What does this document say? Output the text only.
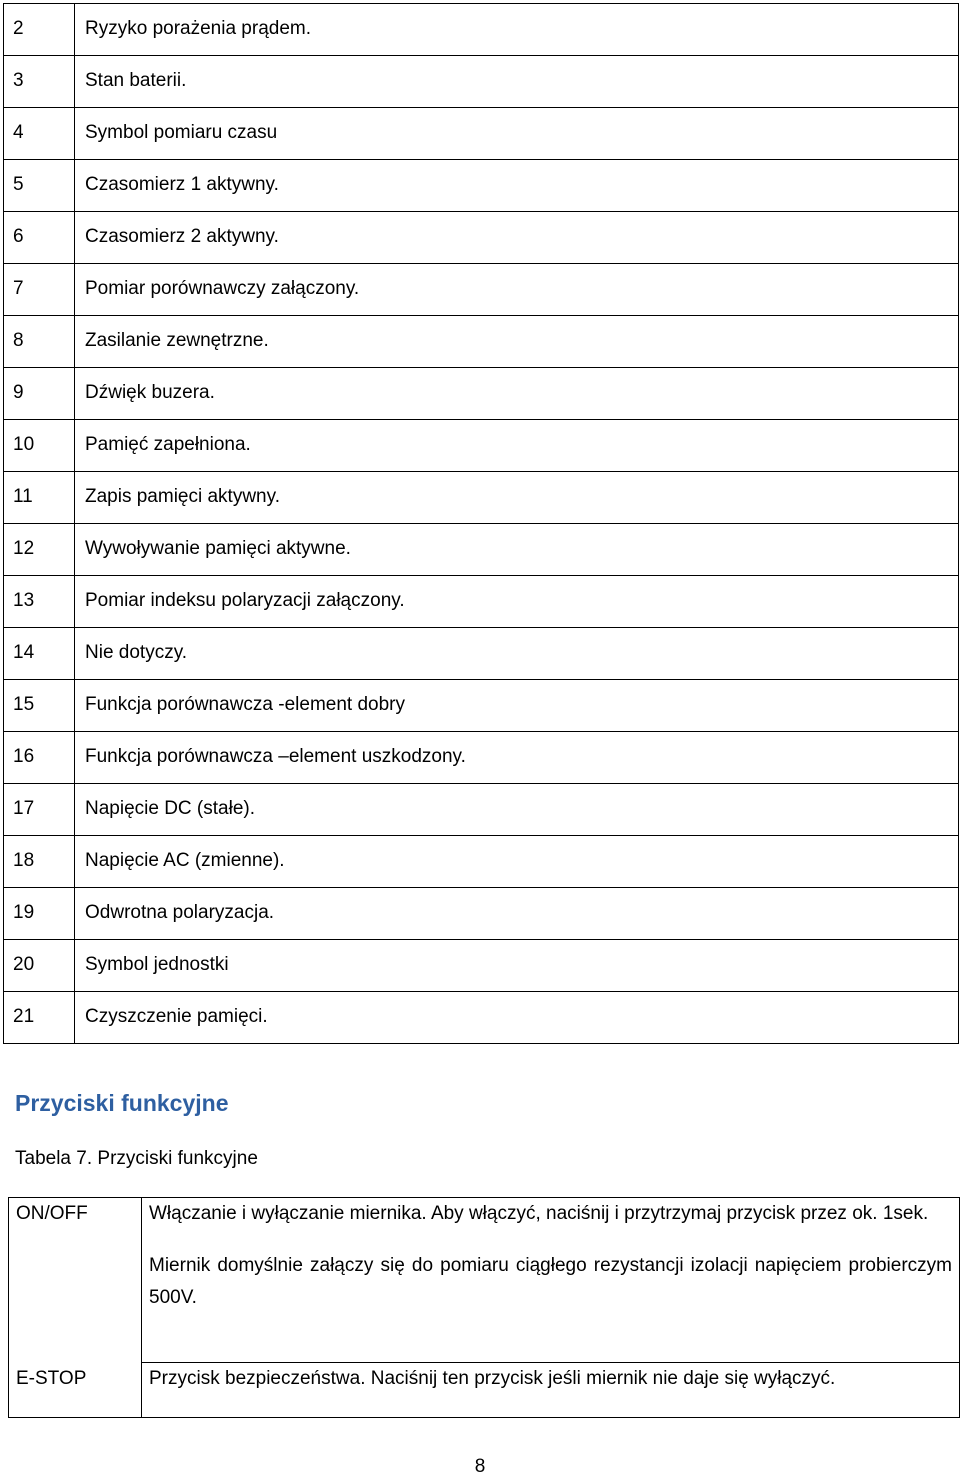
2	Ryzyko porażenia prądem.
3	Stan baterii.
4	Symbol pomiaru czasu
5	Czasomierz 1 aktywny.
6	Czasomierz 2 aktywny.
7	Pomiar porównawczy załączony.
8	Zasilanie zewnętrzne.
9	Dźwięk buzera.
10	Pamięć zapełniona.
11	Zapis pamięci aktywny.
12	Wywoływanie pamięci aktywne.
13	Pomiar indeksu polaryzacji załączony.
14	Nie dotyczy.
15	Funkcja porównawcza -element dobry
16	Funkcja porównawcza –element uszkodzony.
17	Napięcie DC (stałe).
18	Napięcie AC (zmienne).
19	Odwrotna polaryzacja.
20	Symbol jednostki
21	Czyszczenie pamięci.
Przyciski funkcyjne

Tabela 7. Przyciski funkcyjne

ON/OFF	Włączanie i wyłączanie miernika. Aby włączyć, naciśnij i przytrzymaj przycisk przez ok. 1sek.

Miernik domyślnie załączy się do pomiaru ciągłego rezystancji izolacji napięciem probierczym 500V.

E-STOP	Przycisk bezpieczeństwa. Naciśnij ten przycisk jeśli miernik nie daje się wyłączyć.
8
